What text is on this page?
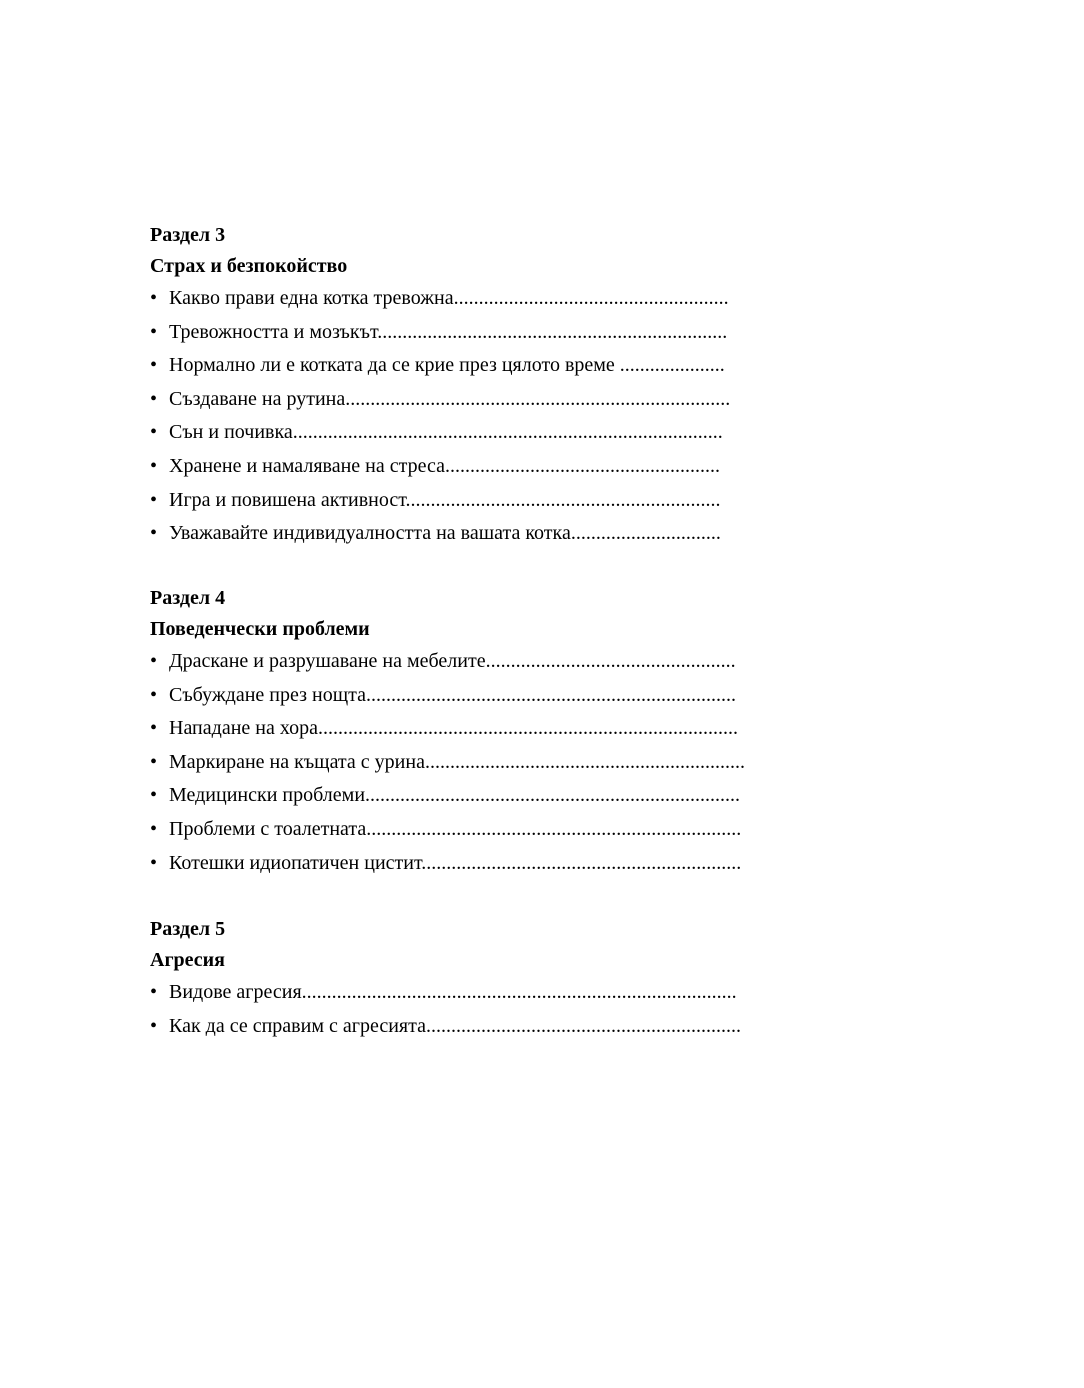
Раздел 3
Страх и безпокойство
• Какво прави една котка тревожна.......................................................
• Тревожността и мозъкът......................................................................
• Нормално ли е котката да се крие през цялото време .....................
• Създаване на рутина.............................................................................
• Сън и почивка......................................................................................
• Хранене и намаляване на стреса.......................................................
• Игра и повишена активност...............................................................
• Уважавайте индивидуалността на вашата котка..............................
Раздел 4
Поведенчески проблеми
• Драскане и разрушаване на мебелите..................................................
• Събуждане през нощта..........................................................................
• Нападане на хора....................................................................................
• Маркиране на къщата с урина................................................................
• Медицински проблеми...........................................................................
• Проблеми с тоалетната...........................................................................
• Котешки идиопатичен цистит................................................................
Раздел 5
Агресия
• Видове агресия.......................................................................................
• Как да се справим с агресията...............................................................
